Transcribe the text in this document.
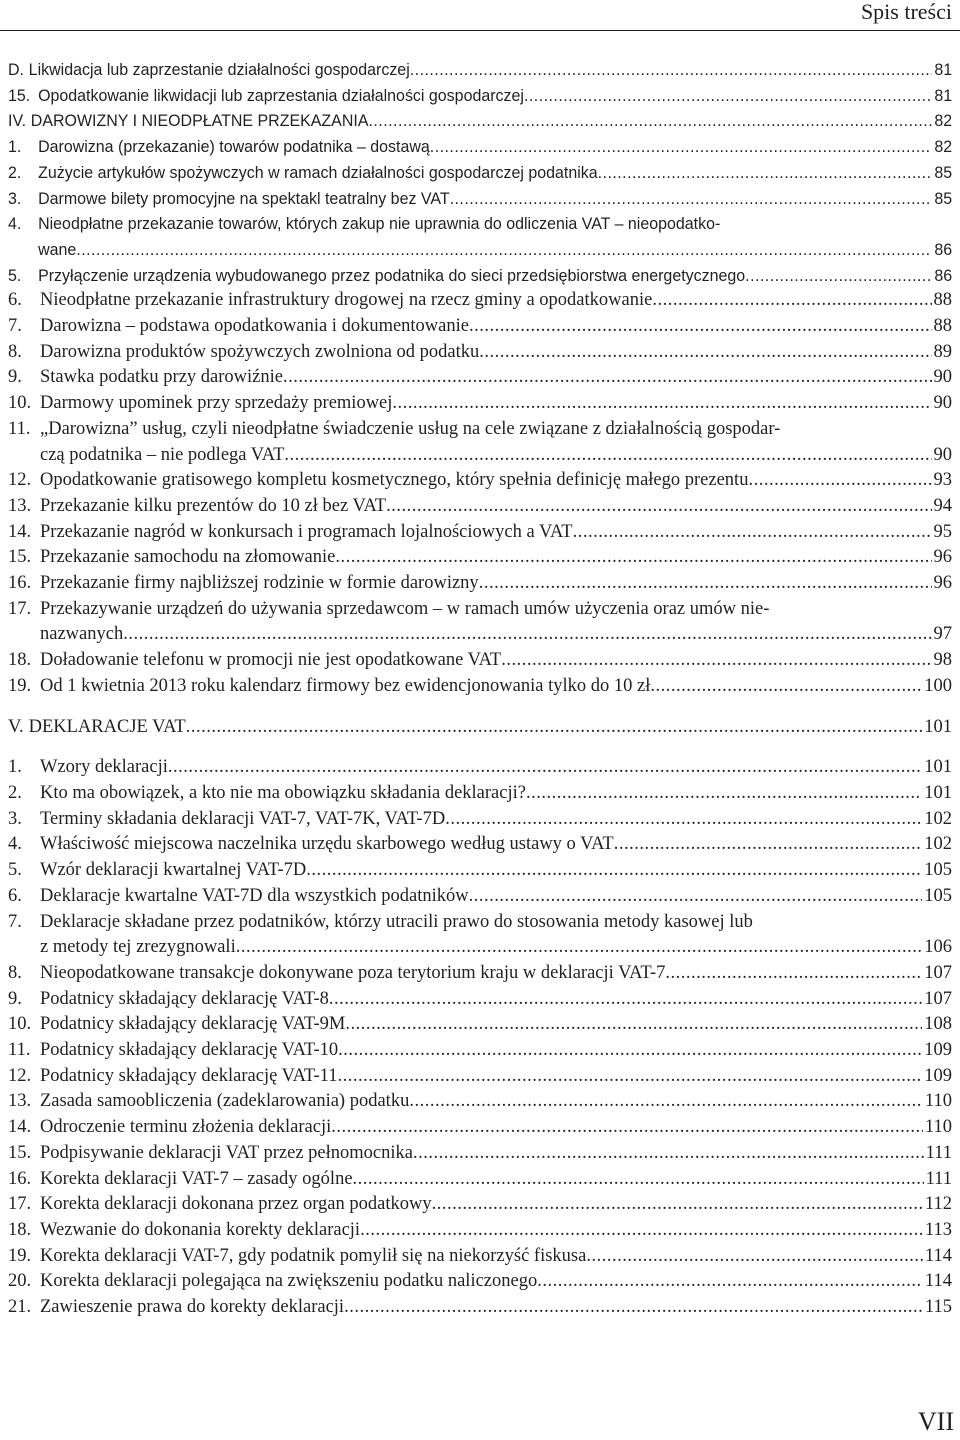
Spis treści
D. Likwidacja lub zaprzestanie działalności gospodarczej .....	81
15. Opodatkowanie likwidacji lub zaprzestania działalności gospodarczej .....	81
IV. DAROWIZNY I NIEODPŁATNE PRZEKAZANIA .....	82
1. Darowizna (przekazanie) towarów podatnika – dostawą .....	82
2. Zużycie artykułów spożywczych w ramach działalności gospodarczej podatnika .....	85
3. Darmowe bilety promocyjne na spektakl teatralny bez VAT .....	85
4. Nieodpłatne przekazanie towarów, których zakup nie uprawnia do odliczenia VAT – nieopodatko-
wane .....	86
5. Przyłączenie urządzenia wybudowanego przez podatnika do sieci przedsiębiorstwa energetycznego .....	86
6. Nieodpłatne przekazanie infrastruktury drogowej na rzecz gminy a opodatkowanie .....	88
7. Darowizna – podstawa opodatkowania i dokumentowanie .....	88
8. Darowizna produktów spożywczych zwolniona od podatku .....	89
9. Stawka podatku przy darowiźnie .....	90
10. Darmowy upominek przy sprzedaży premiowej .....	90
11. „Darowizna” usług, czyli nieodpłatne świadczenie usług na cele związane z działalnością gospodar-
czą podatnika – nie podlega VAT .....	90
12. Opodatkowanie gratisowego kompletu kosmetycznego, który spełnia definicję małego prezentu .....	93
13. Przekazanie kilku prezentów do 10 zł bez VAT .....	94
14. Przekazanie nagród w konkursach i programach lojalnościowych a VAT .....	95
15. Przekazanie samochodu na złomowanie .....	96
16. Przekazanie firmy najbliższej rodzinie w formie darowizny .....	96
17. Przekazywanie urządzeń do używania sprzedawcom – w ramach umów użyczenia oraz umów nie-
nazwanych .....	97
18. Doładowanie telefonu w promocji nie jest opodatkowane VAT .....	98
19. Od 1 kwietnia 2013 roku kalendarz firmowy bez ewidencjonowania tylko do 10 zł .....	100
V. DEKLARACJE VAT .....	101
1. Wzory deklaracji .....	101
2. Kto ma obowiązek, a kto nie ma obowiązku składania deklaracji? .....	101
3. Terminy składania deklaracji VAT-7, VAT-7K, VAT-7D .....	102
4. Właściwość miejscowa naczelnika urzędu skarbowego według ustawy o VAT .....	102
5. Wzór deklaracji kwartalnej VAT-7D .....	105
6. Deklaracje kwartalne VAT-7D dla wszystkich podatników .....	105
7. Deklaracje składane przez podatników, którzy utracili prawo do stosowania metody kasowej lub
z metody tej zrezygnowali .....	106
8. Nieopodatkowane transakcje dokonywane poza terytorium kraju w deklaracji VAT-7 .....	107
9. Podatnicy składający deklarację VAT-8 .....	107
10. Podatnicy składający deklarację VAT-9M .....	108
11. Podatnicy składający deklarację VAT-10 .....	109
12. Podatnicy składający deklarację VAT-11 .....	109
13. Zasada samoobliczenia (zadeklarowania) podatku .....	110
14. Odroczenie terminu złożenia deklaracji .....	110
15. Podpisywanie deklaracji VAT przez pełnomocnika .....	111
16. Korekta deklaracji VAT-7 – zasady ogólne .....	111
17. Korekta deklaracji dokonana przez organ podatkowy .....	112
18. Wezwanie do dokonania korekty deklaracji .....	113
19. Korekta deklaracji VAT-7, gdy podatnik pomylił się na niekorzyść fiskusa .....	114
20. Korekta deklaracji polegająca na zwiększeniu podatku naliczonego .....	114
21. Zawieszenie prawa do korekty deklaracji .....	115
VII
